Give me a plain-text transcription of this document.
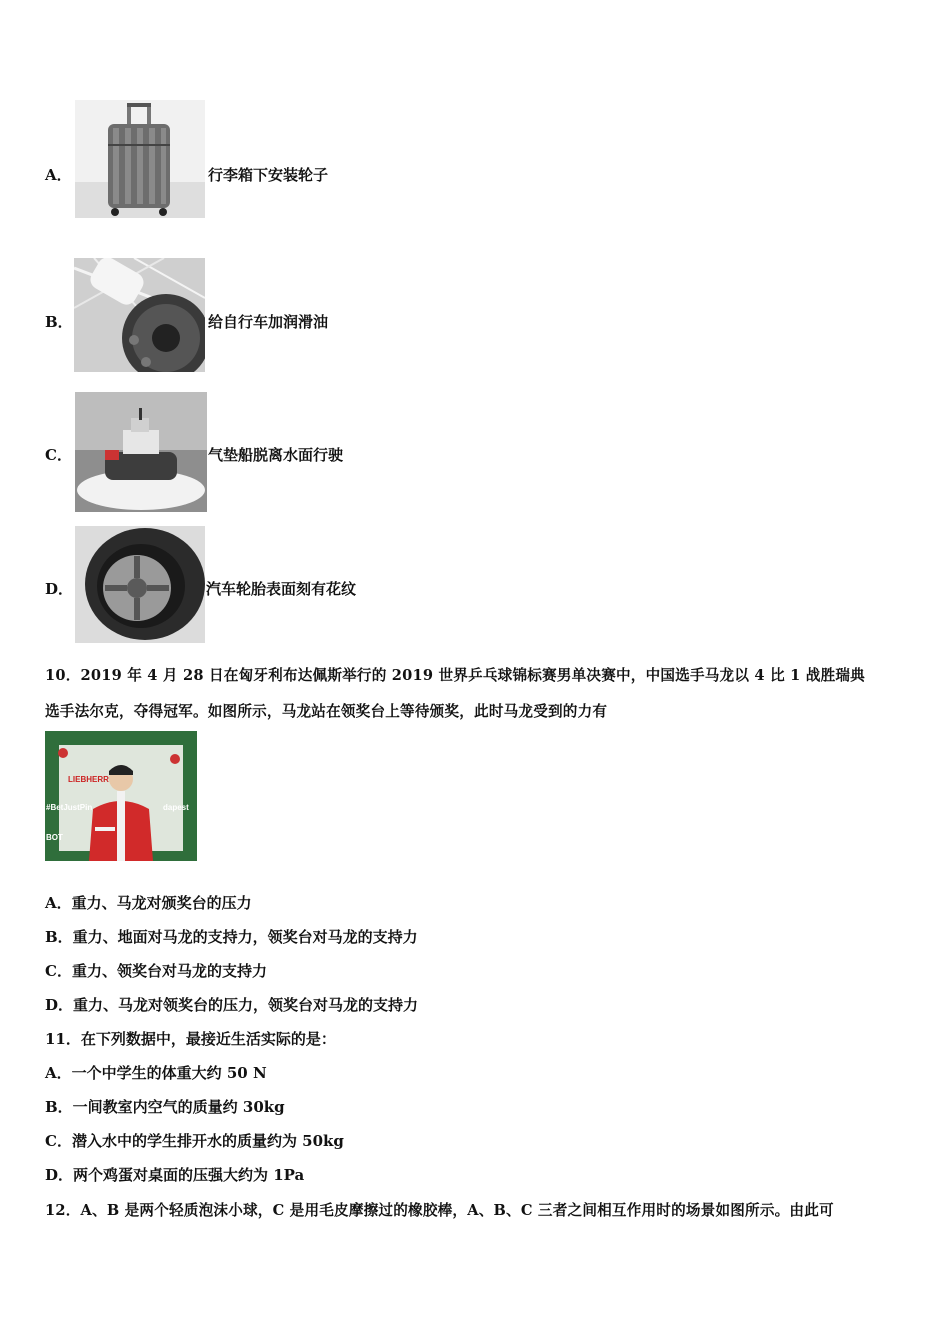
A．	行李箱下安装轮子
B．	给自行车加润滑油
C．	气垫船脱离水面行驶
D．	汽车轮胎表面刻有花纹
10．2019 年 4 月 28 日在匈牙利布达佩斯举行的 2019 世界乒乓球锦标赛男单决赛中，中国选手马龙以 4 比 1 战胜瑞典
选手法尔克，夺得冠军。如图所示，马龙站在领奖台上等待颁奖，此时马龙受到的力有
LIEBHERR
#BetJustPin	dapest
BOT
A．重力、马龙对颁奖台的压力
B．重力、地面对马龙的支持力，领奖台对马龙的支持力
C．重力、领奖台对马龙的支持力
D．重力、马龙对领奖台的压力，领奖台对马龙的支持力
11．在下列数据中，最接近生活实际的是：
A．一个中学生的体重大约 50 N
B．一间教室内空气的质量约 30kg
C．潜入水中的学生排开水的质量约为 50kg
D．两个鸡蛋对桌面的压强大约为 1Pa
12．A、B 是两个轻质泡沫小球，C 是用毛皮摩擦过的橡胶棒，A、B、C 三者之间相互作用时的场景如图所示。由此可
